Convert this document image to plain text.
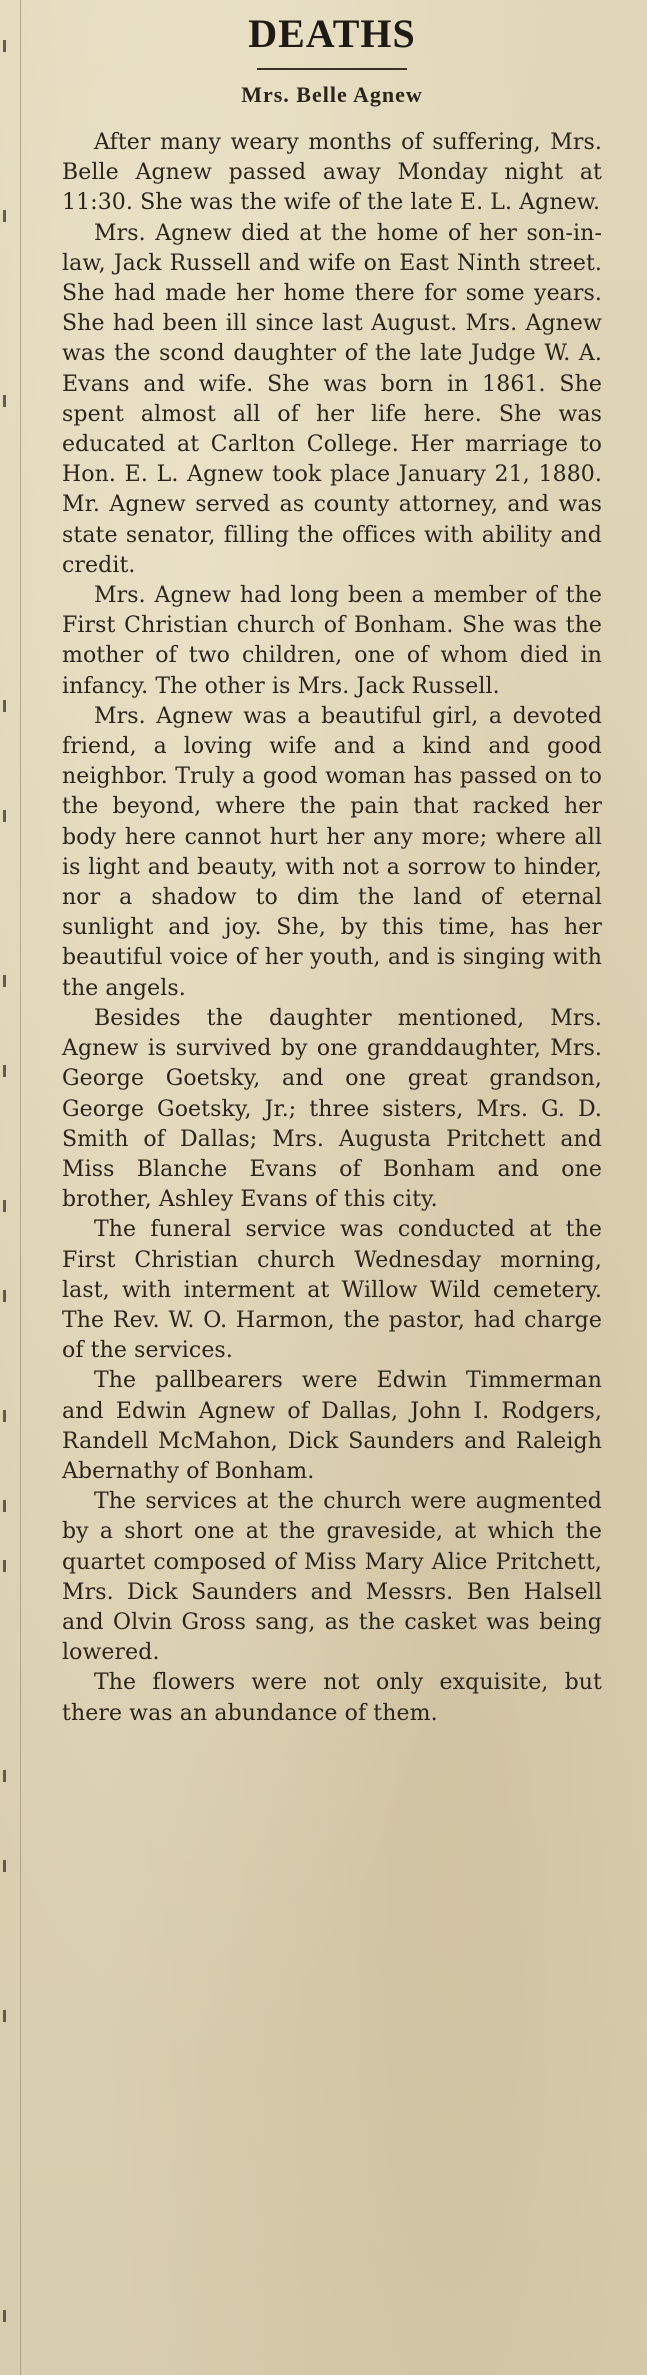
DEATHS
Mrs. Belle Agnew

After many weary months of suffering, Mrs. Belle Agnew passed away Monday night at 11:30. She was the wife of the late E. L. Agnew.

Mrs. Agnew died at the home of her son-in-law, Jack Russell and wife on East Ninth street. She had made her home there for some years. She had been ill since last August. Mrs. Agnew was the scond daughter of the late Judge W. A. Evans and wife. She was born in 1861. She spent almost all of her life here. She was educated at Carlton College. Her marriage to Hon. E. L. Agnew took place January 21, 1880. Mr. Agnew served as county attorney, and was state senator, filling the offices with ability and credit.

Mrs. Agnew had long been a member of the First Christian church of Bonham. She was the mother of two children, one of whom died in infancy. The other is Mrs. Jack Russell.

Mrs. Agnew was a beautiful girl, a devoted friend, a loving wife and a kind and good neighbor. Truly a good woman has passed on to the beyond, where the pain that racked her body here cannot hurt her any more; where all is light and beauty, with not a sorrow to hinder, nor a shadow to dim the land of eternal sunlight and joy. She, by this time, has her beautiful voice of her youth, and is singing with the angels.

Besides the daughter mentioned, Mrs. Agnew is survived by one granddaughter, Mrs. George Goetsky, and one great grandson, George Goetsky, Jr.; three sisters, Mrs. G. D. Smith of Dallas; Mrs. Augusta Pritchett and Miss Blanche Evans of Bonham and one brother, Ashley Evans of this city.

The funeral service was conducted at the First Christian church Wednesday morning, last, with interment at Willow Wild cemetery. The Rev. W. O. Harmon, the pastor, had charge of the services.

The pallbearers were Edwin Timmerman and Edwin Agnew of Dallas, John I. Rodgers, Randell McMahon, Dick Saunders and Raleigh Abernathy of Bonham.

The services at the church were augmented by a short one at the graveside, at which the quartet composed of Miss Mary Alice Pritchett, Mrs. Dick Saunders and Messrs. Ben Halsell and Olvin Gross sang, as the casket was being lowered.

The flowers were not only exquisite, but there was an abundance of them.
